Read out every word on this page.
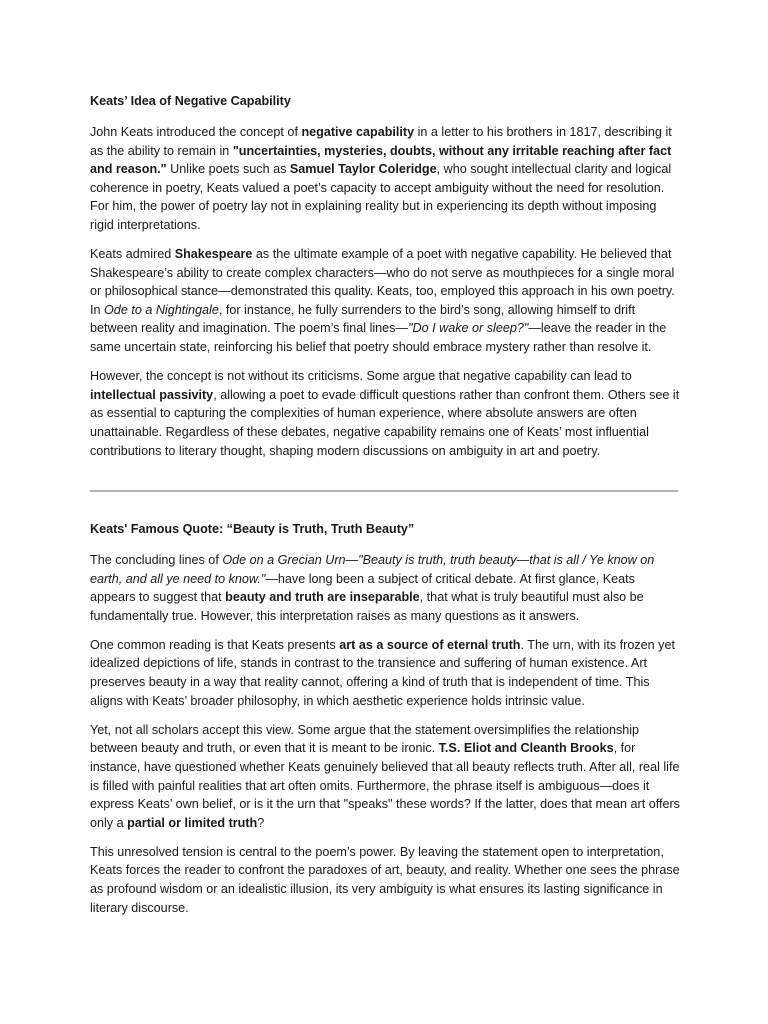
Keats’ Idea of Negative Capability

John Keats introduced the concept of negative capability in a letter to his brothers in 1817, describing it as the ability to remain in "uncertainties, mysteries, doubts, without any irritable reaching after fact and reason." Unlike poets such as Samuel Taylor Coleridge, who sought intellectual clarity and logical coherence in poetry, Keats valued a poet’s capacity to accept ambiguity without the need for resolution. For him, the power of poetry lay not in explaining reality but in experiencing its depth without imposing rigid interpretations.

Keats admired Shakespeare as the ultimate example of a poet with negative capability. He believed that Shakespeare’s ability to create complex characters—who do not serve as mouthpieces for a single moral or philosophical stance—demonstrated this quality. Keats, too, employed this approach in his own poetry. In Ode to a Nightingale, for instance, he fully surrenders to the bird’s song, allowing himself to drift between reality and imagination. The poem’s final lines—"Do I wake or sleep?"—leave the reader in the same uncertain state, reinforcing his belief that poetry should embrace mystery rather than resolve it.

However, the concept is not without its criticisms. Some argue that negative capability can lead to intellectual passivity, allowing a poet to evade difficult questions rather than confront them. Others see it as essential to capturing the complexities of human experience, where absolute answers are often unattainable. Regardless of these debates, negative capability remains one of Keats’ most influential contributions to literary thought, shaping modern discussions on ambiguity in art and poetry.

Keats' Famous Quote: “Beauty is Truth, Truth Beauty”

The concluding lines of Ode on a Grecian Urn—"Beauty is truth, truth beauty—that is all / Ye know on earth, and all ye need to know."—have long been a subject of critical debate. At first glance, Keats appears to suggest that beauty and truth are inseparable, that what is truly beautiful must also be fundamentally true. However, this interpretation raises as many questions as it answers.

One common reading is that Keats presents art as a source of eternal truth. The urn, with its frozen yet idealized depictions of life, stands in contrast to the transience and suffering of human existence. Art preserves beauty in a way that reality cannot, offering a kind of truth that is independent of time. This aligns with Keats’ broader philosophy, in which aesthetic experience holds intrinsic value.

Yet, not all scholars accept this view. Some argue that the statement oversimplifies the relationship between beauty and truth, or even that it is meant to be ironic. T.S. Eliot and Cleanth Brooks, for instance, have questioned whether Keats genuinely believed that all beauty reflects truth. After all, real life is filled with painful realities that art often omits. Furthermore, the phrase itself is ambiguous—does it express Keats’ own belief, or is it the urn that "speaks" these words? If the latter, does that mean art offers only a partial or limited truth?

This unresolved tension is central to the poem’s power. By leaving the statement open to interpretation, Keats forces the reader to confront the paradoxes of art, beauty, and reality. Whether one sees the phrase as profound wisdom or an idealistic illusion, its very ambiguity is what ensures its lasting significance in literary discourse.
